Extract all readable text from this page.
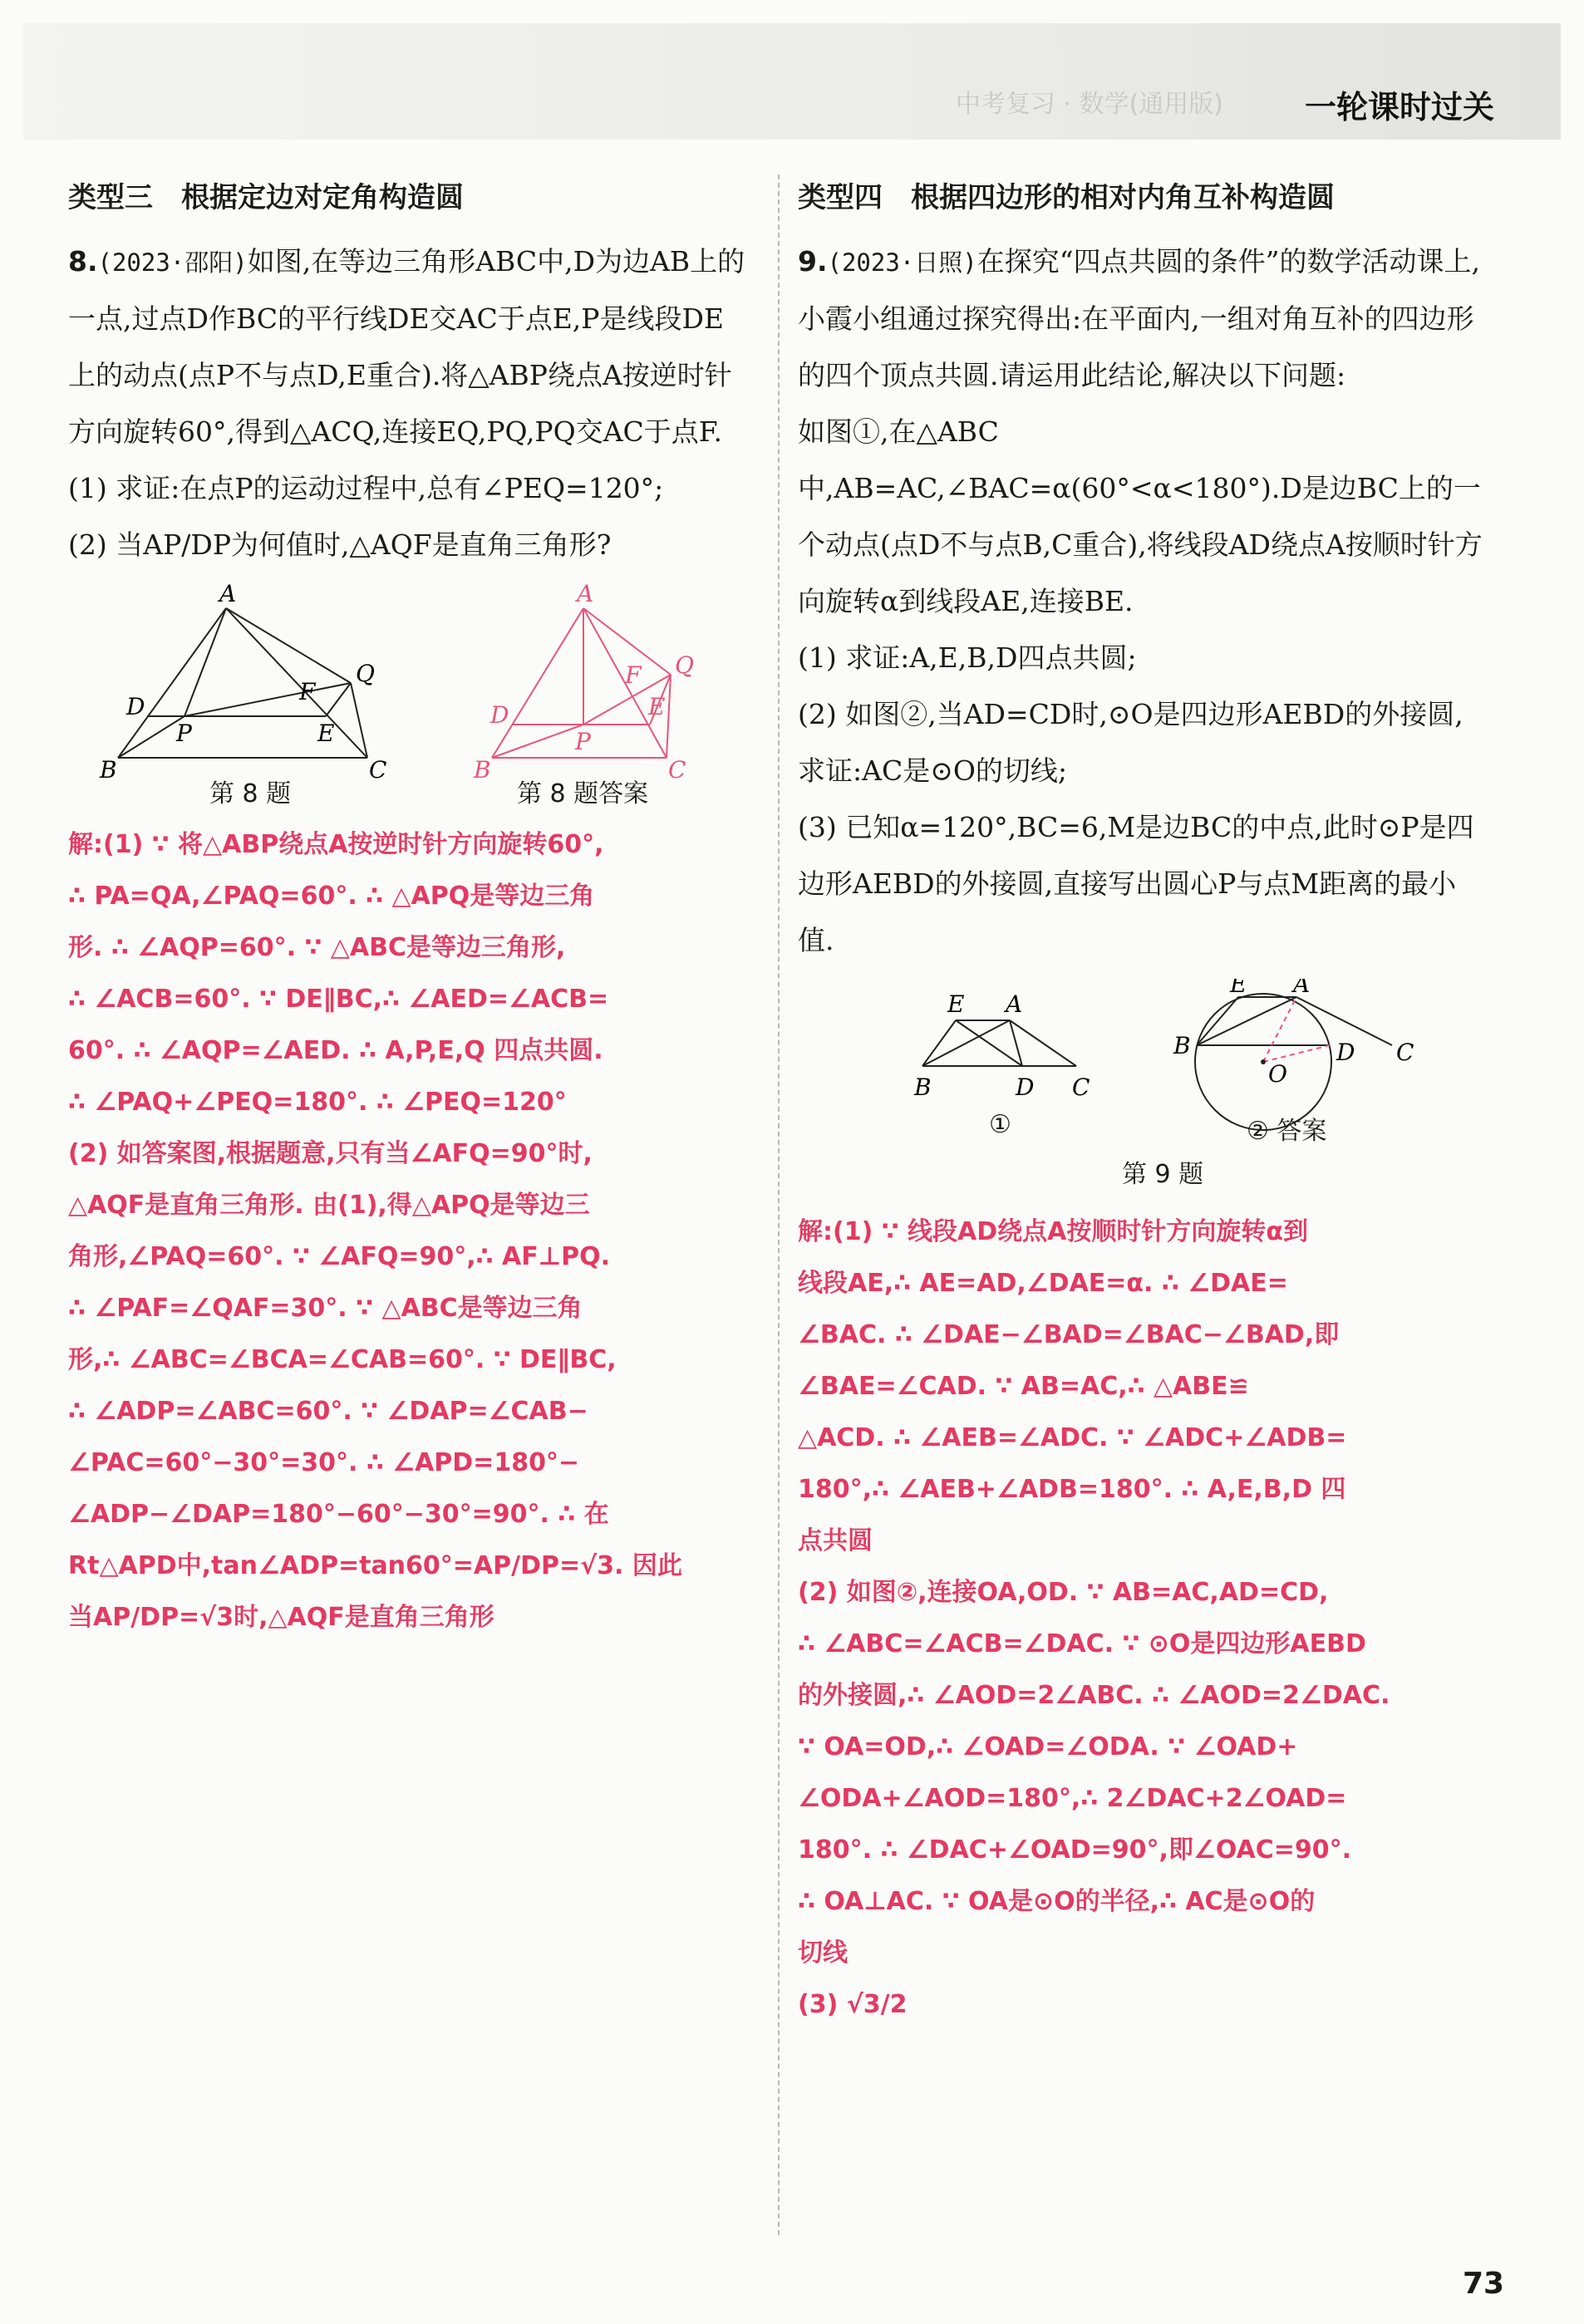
中考复习 · 数学(通用版)	一轮课时过关
类型三 根据定边对定角构造圆

8.(2023·邵阳)如图,在等边三角形ABC中,D为边AB上的一点,过点D作BC的平行线DE交AC于点E,P是线段DE上的动点(点P不与点D,E重合).将△ABP绕点A按逆时针方向旋转60°,得到△ACQ,连接EQ,PQ,PQ交AC于点F.

(1) 求证:在点P的运动过程中,总有∠PEQ=120°;

(2) 当AP/DP为何值时,△AQF是直角三角形?

A
B	C
D
E
F
P
Q
A
B	C
D	E
F
P
Q
第 8 题	第 8 题答案

解:(1) ∵ 将△ABP绕点A按逆时针方向旋转60°,

∴ PA=QA,∠PAQ=60°. ∴ △APQ是等边三角

形. ∴ ∠AQP=60°. ∵ △ABC是等边三角形,

∴ ∠ACB=60°. ∵ DE∥BC,∴ ∠AED=∠ACB=

60°. ∴ ∠AQP=∠AED. ∴ A,P,E,Q 四点共圆.

∴ ∠PAQ+∠PEQ=180°. ∴ ∠PEQ=120°

(2) 如答案图,根据题意,只有当∠AFQ=90°时,

△AQF是直角三角形. 由(1),得△APQ是等边三

角形,∠PAQ=60°. ∵ ∠AFQ=90°,∴ AF⊥PQ.

∴ ∠PAF=∠QAF=30°. ∵ △ABC是等边三角

形,∴ ∠ABC=∠BCA=∠CAB=60°. ∵ DE∥BC,

∴ ∠ADP=∠ABC=60°. ∵ ∠DAP=∠CAB−

∠PAC=60°−30°=30°. ∴ ∠APD=180°−

∠ADP−∠DAP=180°−60°−30°=90°. ∴ 在

Rt△APD中,tan∠ADP=tan60°=AP/DP=√3. 因此

当AP/DP=√3时,△AQF是直角三角形

类型四 根据四边形的相对内角互补构造圆

9.(2023·日照)在探究“四点共圆的条件”的数学活动课上,小霞小组通过探究得出:在平面内,一组对角互补的四边形的四个顶点共圆.请运用此结论,解决以下问题:

如图①,在△ABC中,AB=AC,∠BAC=α(60°<α<180°).D是边BC上的一个动点(点D不与点B,C重合),将线段AD绕点A按顺时针方向旋转α到线段AE,连接BE.

(1) 求证:A,E,B,D四点共圆;

(2) 如图②,当AD=CD时,⊙O是四边形AEBD的外接圆,求证:AC是⊙O的切线;

(3) 已知α=120°,BC=6,M是边BC的中点,此时⊙P是四边形AEBD的外接圆,直接写出圆心P与点M距离的最小值.

E A
B	D C
E A
B	D C
O
①	② 答案
第 9 题

解:(1) ∵ 线段AD绕点A按顺时针方向旋转α到

线段AE,∴ AE=AD,∠DAE=α. ∴ ∠DAE=

∠BAC. ∴ ∠DAE−∠BAD=∠BAC−∠BAD,即

∠BAE=∠CAD. ∵ AB=AC,∴ △ABE≌

△ACD. ∴ ∠AEB=∠ADC. ∵ ∠ADC+∠ADB=

180°,∴ ∠AEB+∠ADB=180°. ∴ A,E,B,D 四

点共圆

(2) 如图②,连接OA,OD. ∵ AB=AC,AD=CD,

∴ ∠ABC=∠ACB=∠DAC. ∵ ⊙O是四边形AEBD

的外接圆,∴ ∠AOD=2∠ABC. ∴ ∠AOD=2∠DAC.

∵ OA=OD,∴ ∠OAD=∠ODA. ∵ ∠OAD+

∠ODA+∠AOD=180°,∴ 2∠DAC+2∠OAD=

180°. ∴ ∠DAC+∠OAD=90°,即∠OAC=90°.

∴ OA⊥AC. ∵ OA是⊙O的半径,∴ AC是⊙O的

切线

(3) √3/2

73
